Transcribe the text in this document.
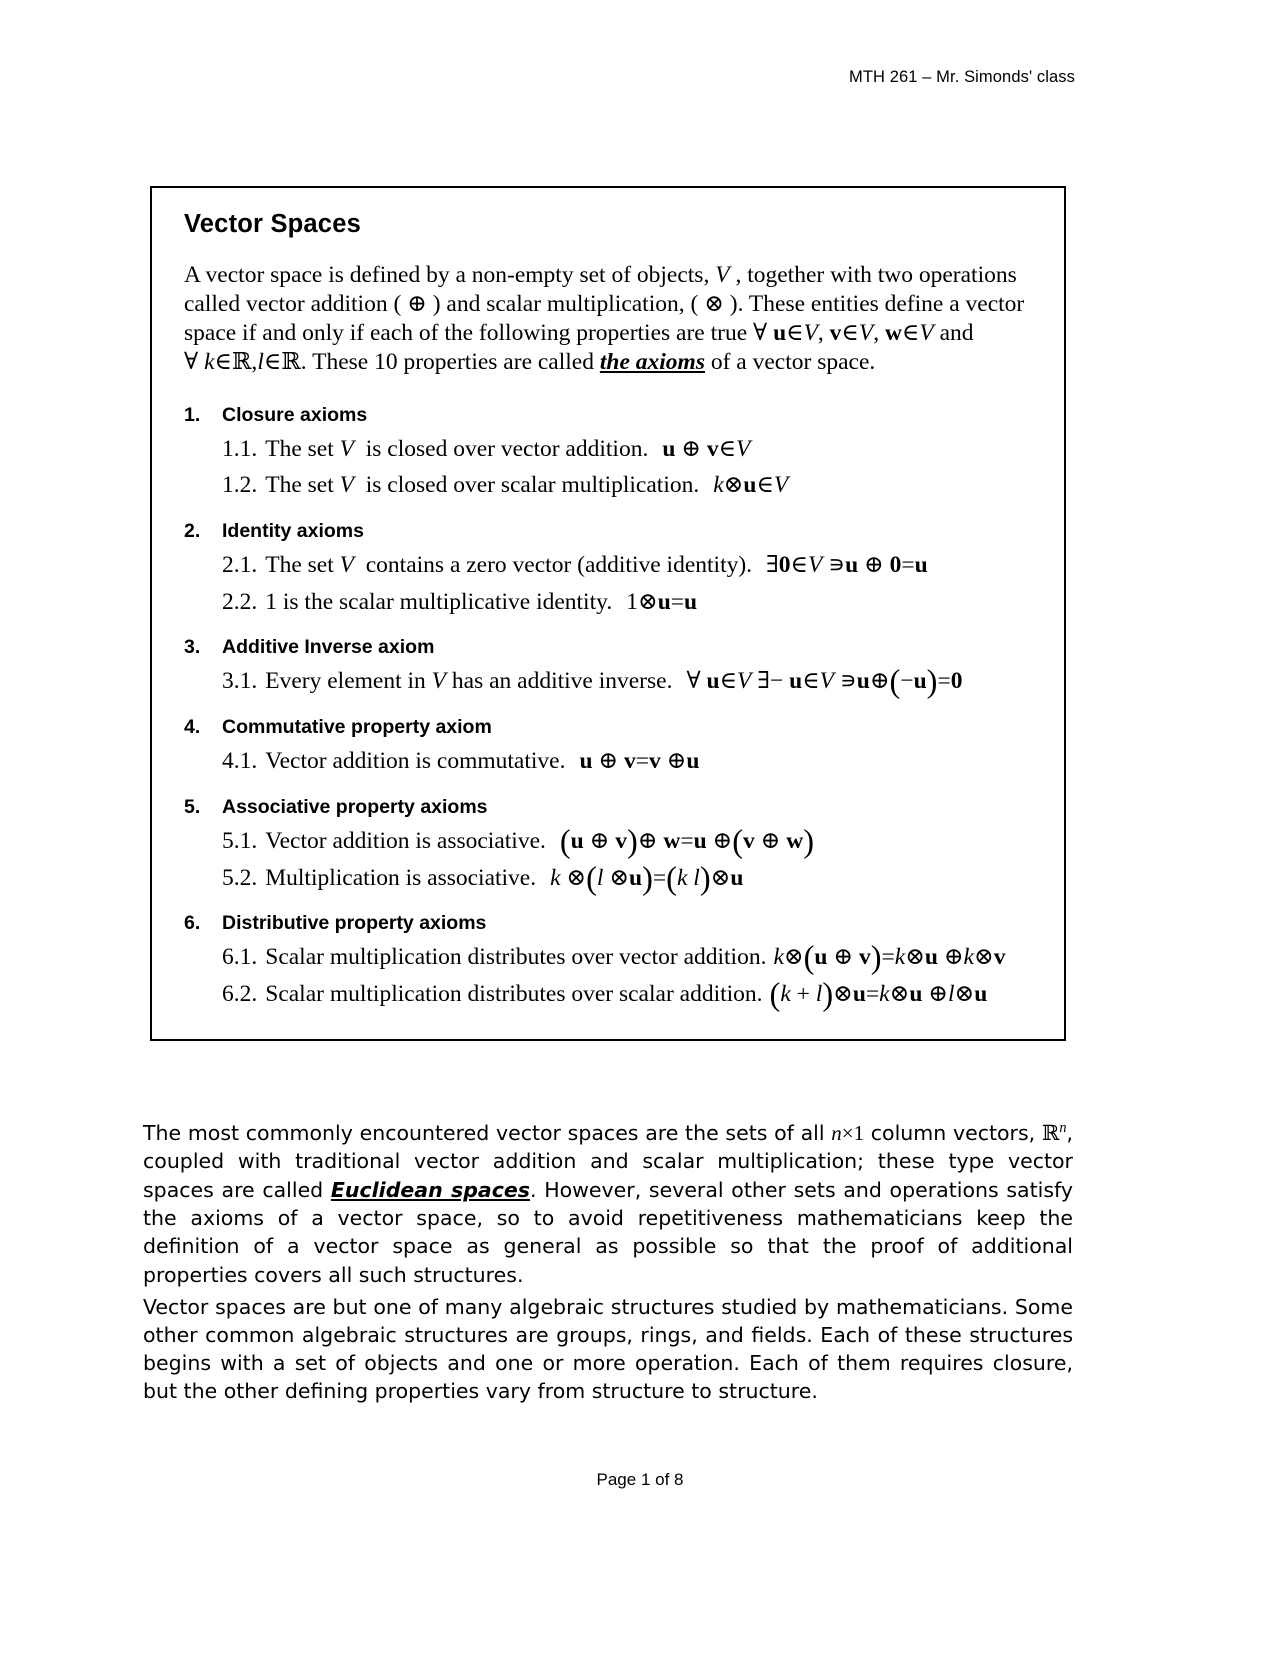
MTH 261 – Mr. Simonds' class
Vector Spaces

A vector space is defined by a non-empty set of objects, V , together with two operations called vector addition ( ⊕ ) and scalar multiplication, ( ⊗ ). These entities define a vector space if and only if each of the following properties are true ∀ u∈V, v∈V, w∈V and ∀ k∈ℝ,l∈ℝ. These 10 properties are called the axioms of a vector space.

1.	Closure axioms
1.1. The set V  is closed over vector addition. u ⊕ v∈V
1.2. The set V  is closed over scalar multiplication. k⊗u∈V
2.	Identity axioms
2.1. The set V  contains a zero vector (additive identity). ∃0∈V ∍u ⊕ 0=u
2.2. 1 is the scalar multiplicative identity. 1⊗u=u
3.	Additive Inverse axiom
3.1. Every element in V has an additive inverse. ∀ u∈V ∃− u∈V ∍u⊕(−u)=0
4.	Commutative property axiom
4.1. Vector addition is commutative. u ⊕ v=v ⊕u
5.	Associative property axioms
5.1. Vector addition is associative. (u ⊕ v)⊕ w=u ⊕(v ⊕ w)
5.2. Multiplication is associative. k ⊗(l ⊗u)=(k l)⊗u
6.	Distributive property axioms
6.1. Scalar multiplication distributes over vector addition. k⊗(u ⊕ v)=k⊗u ⊕k⊗v
6.2. Scalar multiplication distributes over scalar addition. (k + l)⊗u=k⊗u ⊕l⊗u

The most commonly encountered vector spaces are the sets of all n×1 column vectors, ℝ$^n$, coupled with traditional vector addition and scalar multiplication; these type vector spaces are called Euclidean spaces. However, several other sets and operations satisfy the axioms of a vector space, so to avoid repetitiveness mathematicians keep the definition of a vector space as general as possible so that the proof of additional properties covers all such structures.

Vector spaces are but one of many algebraic structures studied by mathematicians. Some other common algebraic structures are groups, rings, and fields. Each of these structures begins with a set of objects and one or more operation. Each of them requires closure, but the other defining properties vary from structure to structure.

Page 1 of 8
